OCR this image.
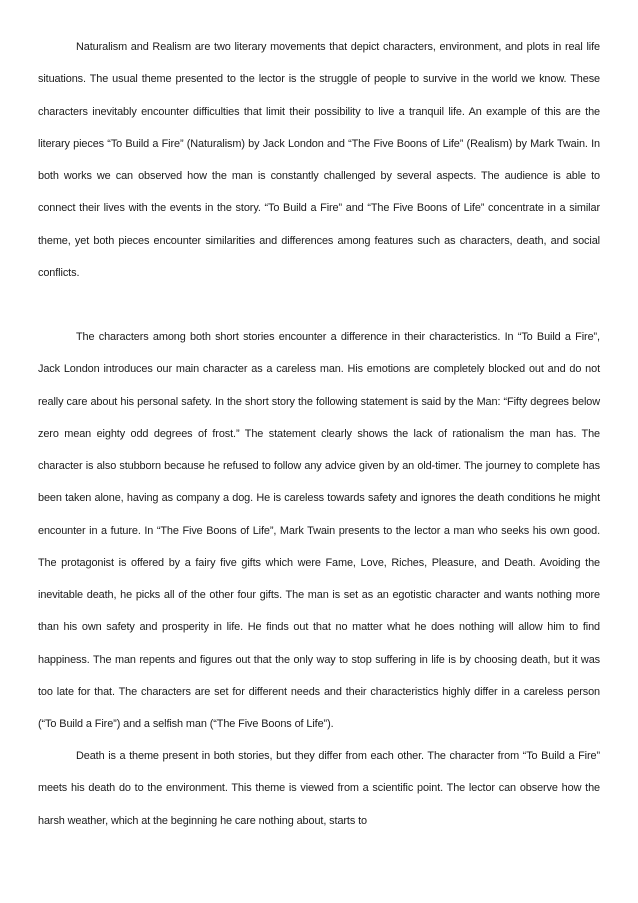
Naturalism and Realism are two literary movements that depict characters, environment, and plots in real life situations. The usual theme presented to the lector is the struggle of people to survive in the world we know. These characters inevitably encounter difficulties that limit their possibility to live a tranquil life. An example of this are the literary pieces “To Build a Fire” (Naturalism) by Jack London and “The Five Boons of Life” (Realism) by Mark Twain. In both works we can observed how the man is constantly challenged by several aspects. The audience is able to connect their lives with the events in the story. “To Build a Fire” and “The Five Boons of Life” concentrate in a similar theme, yet both pieces encounter similarities and differences among features such as characters, death, and social conflicts.

The characters among both short stories encounter a difference in their characteristics. In “To Build a Fire”, Jack London introduces our main character as a careless man. His emotions are completely blocked out and do not really care about his personal safety. In the short story the following statement is said by the Man: “Fifty degrees below zero mean eighty odd degrees of frost.” The statement clearly shows the lack of rationalism the man has. The character is also stubborn because he refused to follow any advice given by an old-timer. The journey to complete has been taken alone, having as company a dog. He is careless towards safety and ignores the death conditions he might encounter in a future. In “The Five Boons of Life”, Mark Twain presents to the lector a man who seeks his own good. The protagonist is offered by a fairy five gifts which were Fame, Love, Riches, Pleasure, and Death. Avoiding the inevitable death, he picks all of the other four gifts. The man is set as an egotistic character and wants nothing more than his own safety and prosperity in life. He finds out that no matter what he does nothing will allow him to find happiness. The man repents and figures out that the only way to stop suffering in life is by choosing death, but it was too late for that. The characters are set for different needs and their characteristics highly differ in a careless person (“To Build a Fire”) and a selfish man (“The Five Boons of Life”).

Death is a theme present in both stories, but they differ from each other. The character from “To Build a Fire” meets his death do to the environment. This theme is viewed from a scientific point. The lector can observe how the harsh weather, which at the beginning he care nothing about, starts to
